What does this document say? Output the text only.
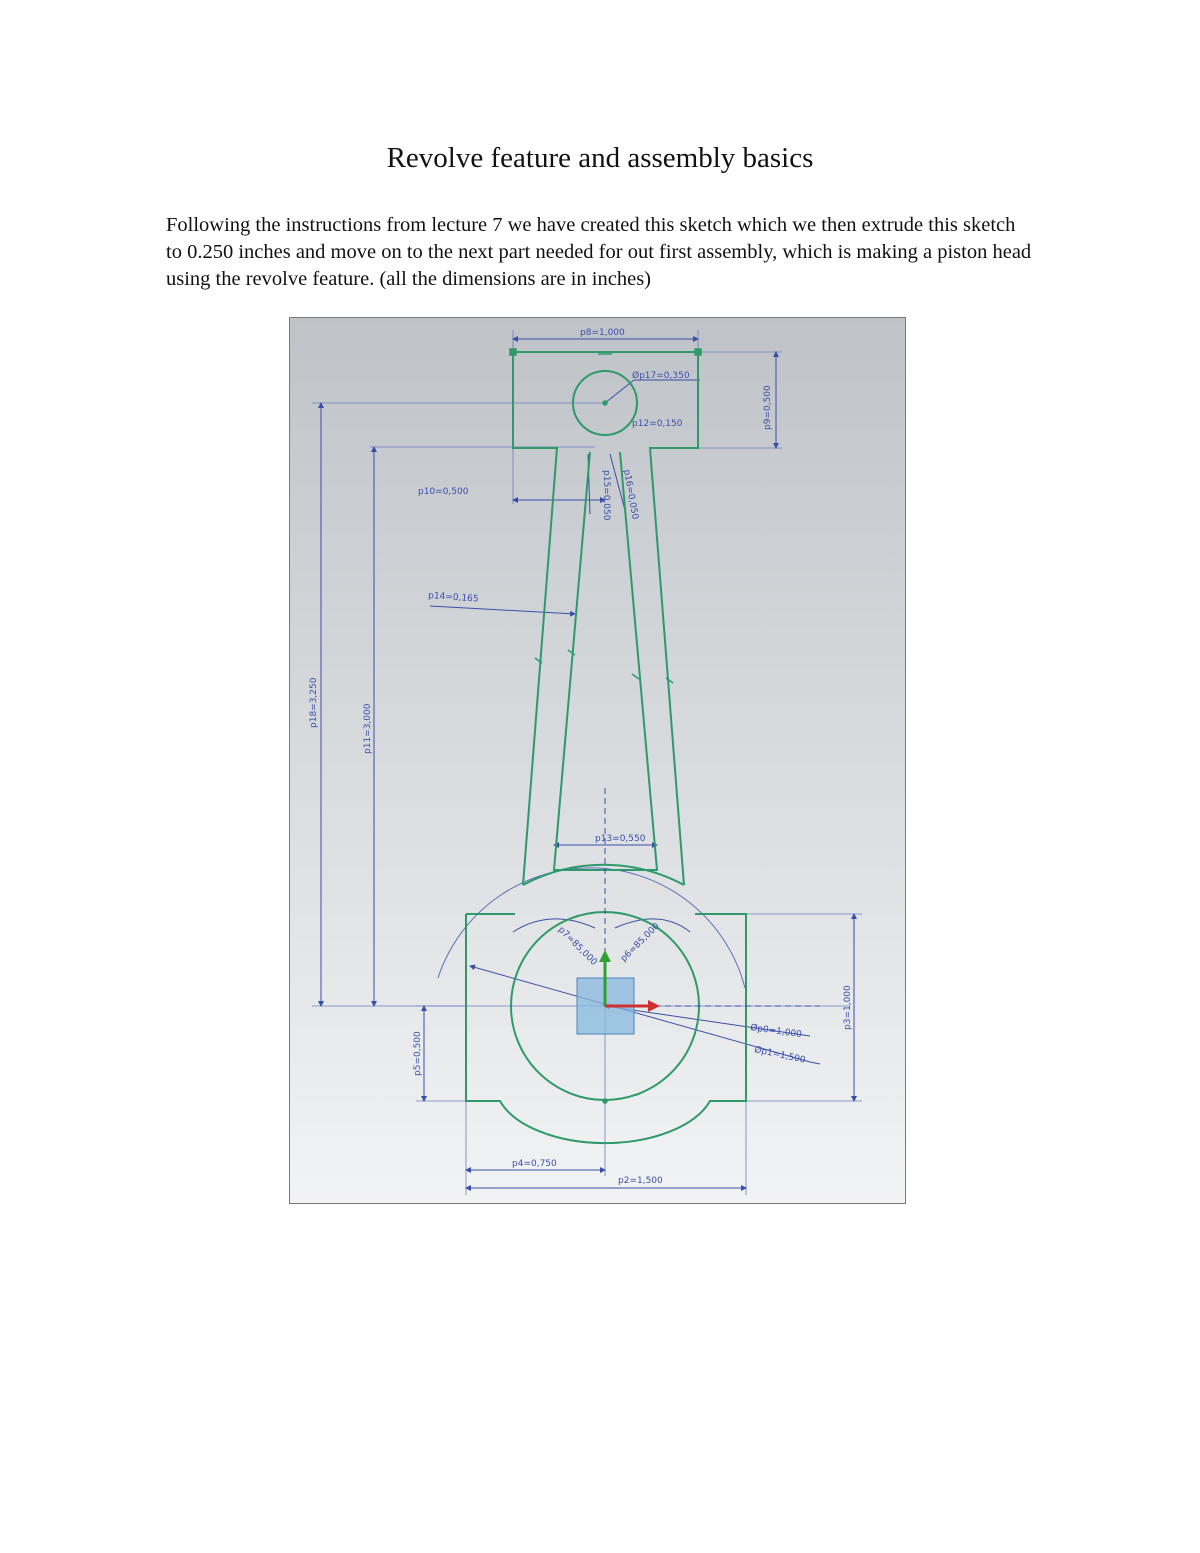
Revolve feature and assembly basics

Following the instructions from lecture 7 we have created this sketch which we then extrude this sketch to 0.250 inches and move on to the next part needed for out first assembly, which is making a piston head using the revolve feature. (all the dimensions are in inches)

p8=1,000
Øp17=0,350
p9=0,500
p12=0,150
p10=0,500	p15=0,050 p16=0,050
p14=0,165
p18=3,250
p11=3,000
p13=0,550
p7=85,000 p6=85,000
Øp0=1,000
Øp1=1,500
p3=1,000
p5=0,500
p4=0,750
p2=1,500
